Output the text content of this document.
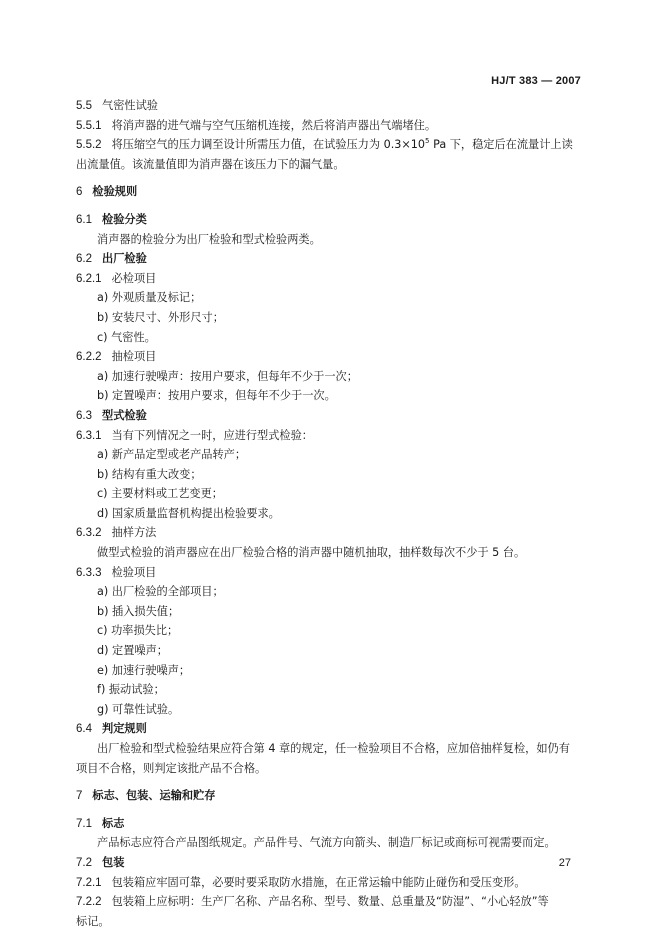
HJ/T 383 — 2007
5.5 气密性试验
5.5.1 将消声器的进气端与空气压缩机连接，然后将消声器出气端堵住。
5.5.2 将压缩空气的压力调至设计所需压力值，在试验压力为 $0.3\times 10^5$ Pa 下，稳定后在流量计上读
出流量值。该流量值即为消声器在该压力下的漏气量。
6 检验规则
6.1 检验分类
消声器的检验分为出厂检验和型式检验两类。
6.2 出厂检验
6.2.1 必检项目
a) 外观质量及标记；
b) 安装尺寸、外形尺寸；
c) 气密性。
6.2.2 抽检项目
a) 加速行驶噪声：按用户要求，但每年不少于一次；
b) 定置噪声：按用户要求，但每年不少于一次。
6.3 型式检验
6.3.1 当有下列情况之一时，应进行型式检验：
a) 新产品定型或老产品转产；
b) 结构有重大改变；
c) 主要材料或工艺变更；
d) 国家质量监督机构提出检验要求。
6.3.2 抽样方法
做型式检验的消声器应在出厂检验合格的消声器中随机抽取，抽样数每次不少于 5 台。
6.3.3 检验项目
a) 出厂检验的全部项目；
b) 插入损失值；
c) 功率损失比；
d) 定置噪声；
e) 加速行驶噪声；
f) 振动试验；
g) 可靠性试验。
6.4 判定规则
出厂检验和型式检验结果应符合第 4 章的规定，任一检验项目不合格，应加倍抽样复检，如仍有
项目不合格，则判定该批产品不合格。
7 标志、包装、运输和贮存
7.1 标志
产品标志应符合产品图纸规定。产品件号、气流方向箭头、制造厂标记或商标可视需要而定。
7.2 包装
7.2.1 包装箱应牢固可靠，必要时要采取防水措施，在正常运输中能防止碰伤和受压变形。
7.2.2 包装箱上应标明：生产厂名称、产品名称、型号、数量、总重量及“防湿”、“小心轻放”等
标记。
27
